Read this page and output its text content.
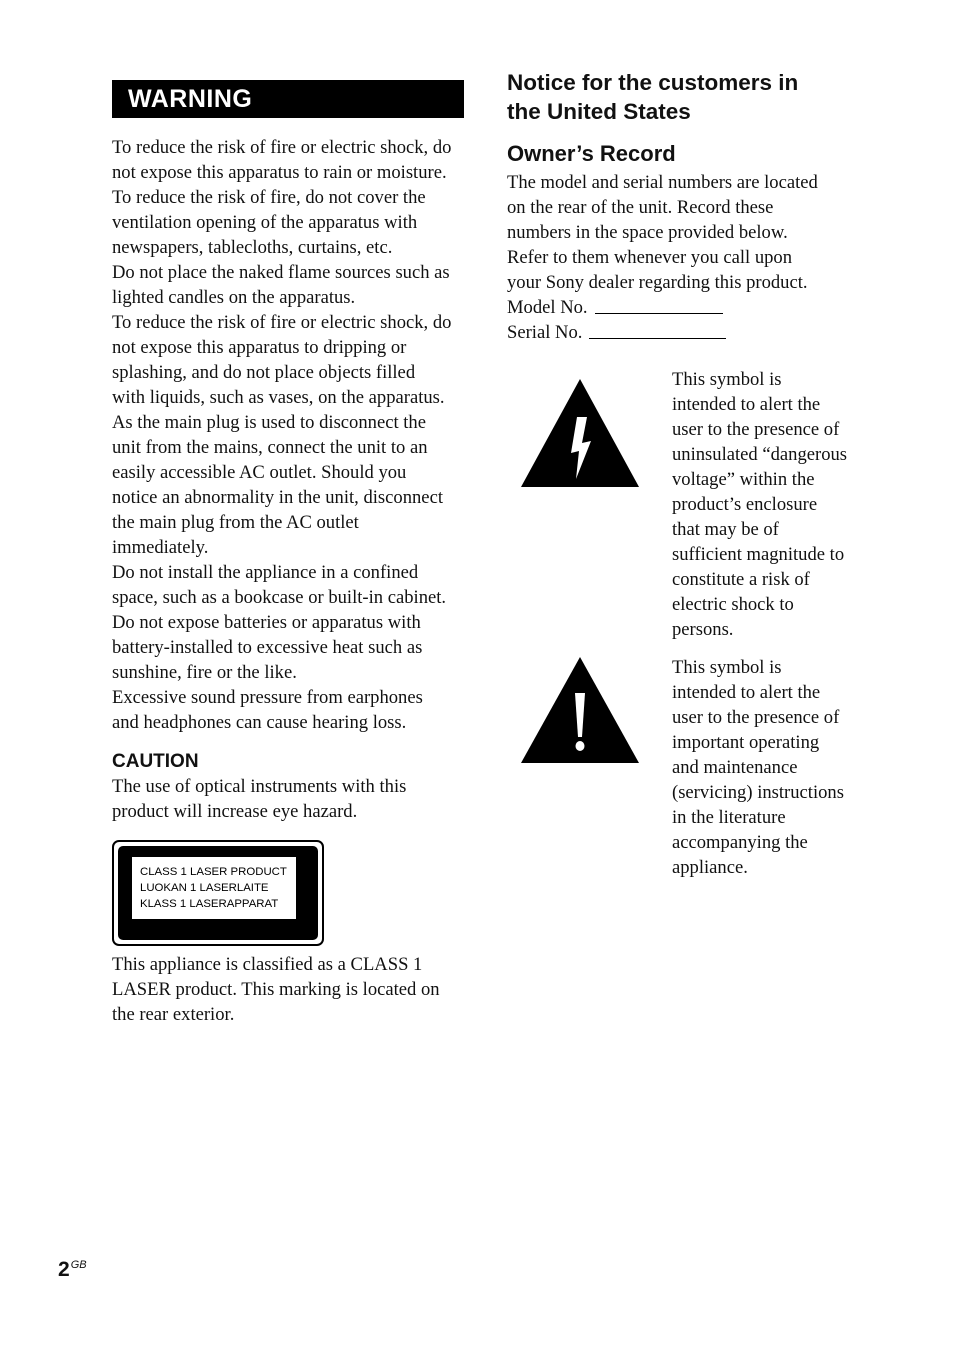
WARNING

To reduce the risk of fire or electric shock, do
not expose this apparatus to rain or moisture.
To reduce the risk of fire, do not cover the
ventilation opening of the apparatus with
newspapers, tablecloths, curtains, etc.
Do not place the naked flame sources such as
lighted candles on the apparatus.
To reduce the risk of fire or electric shock, do
not expose this apparatus to dripping or
splashing, and do not place objects filled
with liquids, such as vases, on the apparatus.
As the main plug is used to disconnect the
unit from the mains, connect the unit to an
easily accessible AC outlet. Should you
notice an abnormality in the unit, disconnect
the main plug from the AC outlet
immediately.
Do not install the appliance in a confined
space, such as a bookcase or built-in cabinet.
Do not expose batteries or apparatus with
battery-installed to excessive heat such as
sunshine, fire or the like.
Excessive sound pressure from earphones
and headphones can cause hearing loss.

CAUTION

The use of optical instruments with this
product will increase eye hazard.

CLASS 1 LASER PRODUCT
LUOKAN 1 LASERLAITE
KLASS 1 LASERAPPARAT

This appliance is classified as a CLASS 1
LASER product. This marking is located on
the rear exterior.

Notice for the customers in
the United States
Owner’s Record

The model and serial numbers are located
on the rear of the unit. Record these
numbers in the space provided below.
Refer to them whenever you call upon
your Sony dealer regarding this product.

Model No.
Serial No.

This symbol is
intended to alert the
user to the presence of
uninsulated “dangerous
voltage” within the
product’s enclosure
that may be of
sufficient magnitude to
constitute a risk of
electric shock to
persons.

This symbol is
intended to alert the
user to the presence of
important operating
and maintenance
(servicing) instructions
in the literature
accompanying the
appliance.

$2^{GB}$
